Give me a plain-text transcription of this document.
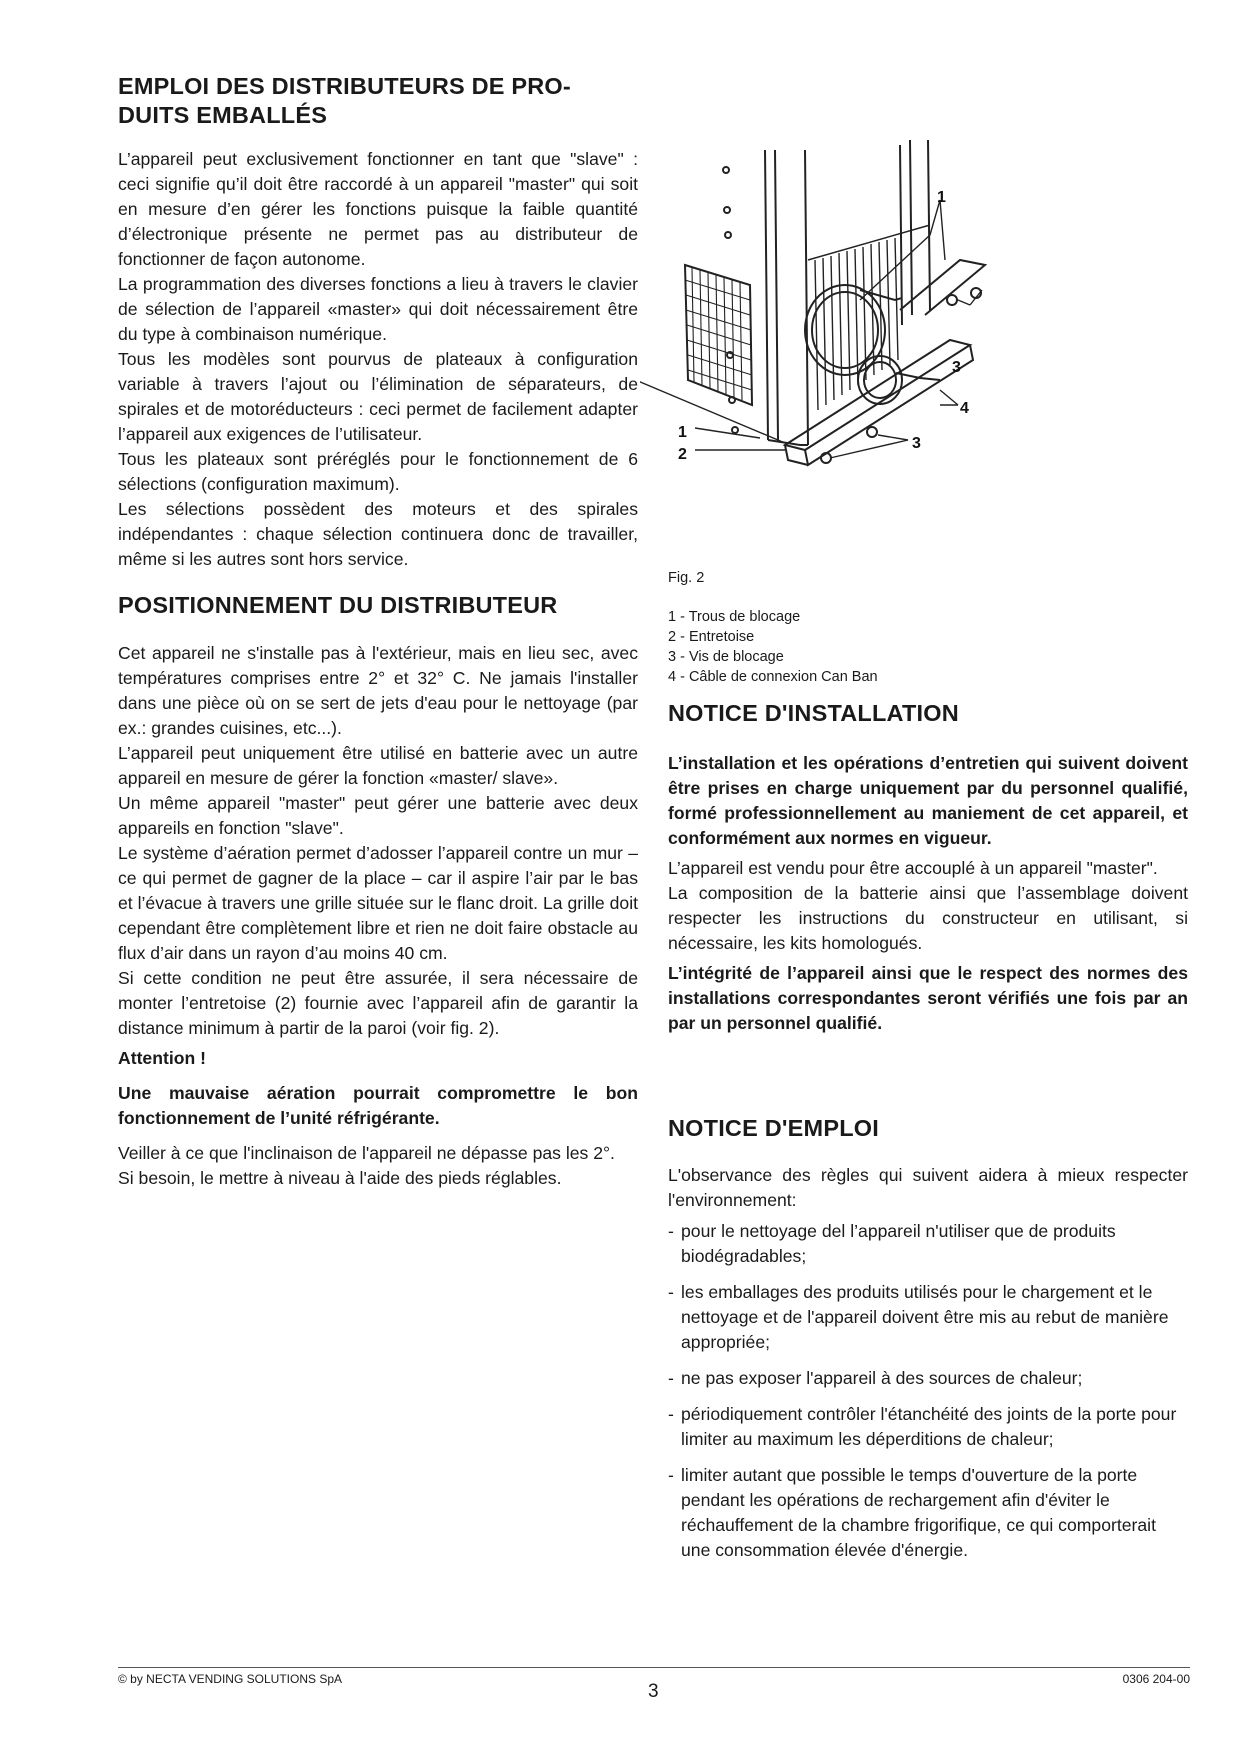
EMPLOI DES DISTRIBUTEURS DE PRO-
DUITS EMBALLÉS

L’appareil peut exclusivement fonctionner en tant que "slave" : ceci signifie qu’il doit être raccordé à un appareil "master" qui soit en mesure d’en gérer les fonctions puisque la faible quantité d’électronique présente ne permet pas au distributeur de fonctionner de façon autonome.

La programmation des diverses fonctions a lieu à travers le clavier de sélection de l’appareil «master» qui doit nécessairement être du type à combinaison numérique.

Tous les modèles sont pourvus de plateaux à configuration variable à travers l’ajout ou l’élimination de séparateurs, de spirales et de motoréducteurs : ceci permet de facilement adapter l’appareil aux exigences de l’utilisateur.

Tous les plateaux sont préréglés pour le fonctionnement de 6 sélections (configuration maximum).

Les sélections possèdent des moteurs et des spirales indépendantes : chaque sélection continuera donc de travailler, même si les autres sont hors service.

POSITIONNEMENT DU DISTRIBUTEUR

Cet appareil ne s'installe pas à l'extérieur, mais en lieu sec, avec températures comprises entre 2° et 32° C. Ne jamais l'installer dans une pièce où on se sert de jets d'eau pour le nettoyage (par ex.: grandes cuisines, etc...).

L’appareil peut uniquement être utilisé en batterie avec un autre appareil en mesure de gérer la fonction «master/ slave».

Un même appareil "master" peut gérer une batterie avec deux appareils en fonction "slave".

Le système d’aération permet d’adosser l’appareil contre un mur – ce qui permet de gagner de la place – car il aspire l’air par le bas et l’évacue à travers une grille située sur le flanc droit. La grille doit cependant être complètement libre et rien ne doit faire obstacle au flux d’air dans un rayon d’au moins 40 cm.

Si cette condition ne peut être assurée, il sera nécessaire de monter l’entretoise (2) fournie avec l’appareil afin de garantir la distance minimum à partir de la paroi (voir fig. 2).

Attention !

Une mauvaise aération pourrait compromettre le bon fonctionnement de l’unité réfrigérante.

Veiller à ce que l'inclinaison de l'appareil ne dépasse pas les 2°.

Si besoin, le mettre à niveau à l'aide des pieds réglables.

1
1
2
3
3
4
Fig. 2
1 - Trous de blocage
2 - Entretoise
3 - Vis de blocage
4 - Câble de connexion Can Ban
NOTICE D'INSTALLATION

L’installation et les opérations d’entretien qui suivent doivent être prises en charge uniquement par du personnel qualifié, formé professionnellement au maniement de cet appareil, et conformément aux normes en vigueur.

L’appareil est vendu pour être accouplé à un appareil "master".

La composition de la batterie ainsi que l’assemblage doivent respecter les instructions du constructeur en utilisant, si nécessaire, les kits homologués.

L’intégrité de l’appareil ainsi que le respect des normes des installations correspondantes seront vérifiés une fois par an par un personnel qualifié.

NOTICE D'EMPLOI

L'observance des règles qui suivent aidera à mieux respecter l'environnement:

- pour le nettoyage del l’appareil n'utiliser que de produits biodégradables;
- les emballages des produits utilisés pour le chargement et le nettoyage et de l'appareil doivent être mis au rebut de manière appropriée;
- ne pas exposer l'appareil à des sources de chaleur;
- périodiquement contrôler l'étanchéité des joints de la porte pour limiter au maximum les déperditions de chaleur;
- limiter autant que possible le temps d'ouverture de la porte pendant les opérations de rechargement afin d'éviter le réchauffement de la chambre frigorifique, ce qui comporterait une consommation élevée d'énergie.
© by NECTA VENDING SOLUTIONS SpA
3
0306 204-00
